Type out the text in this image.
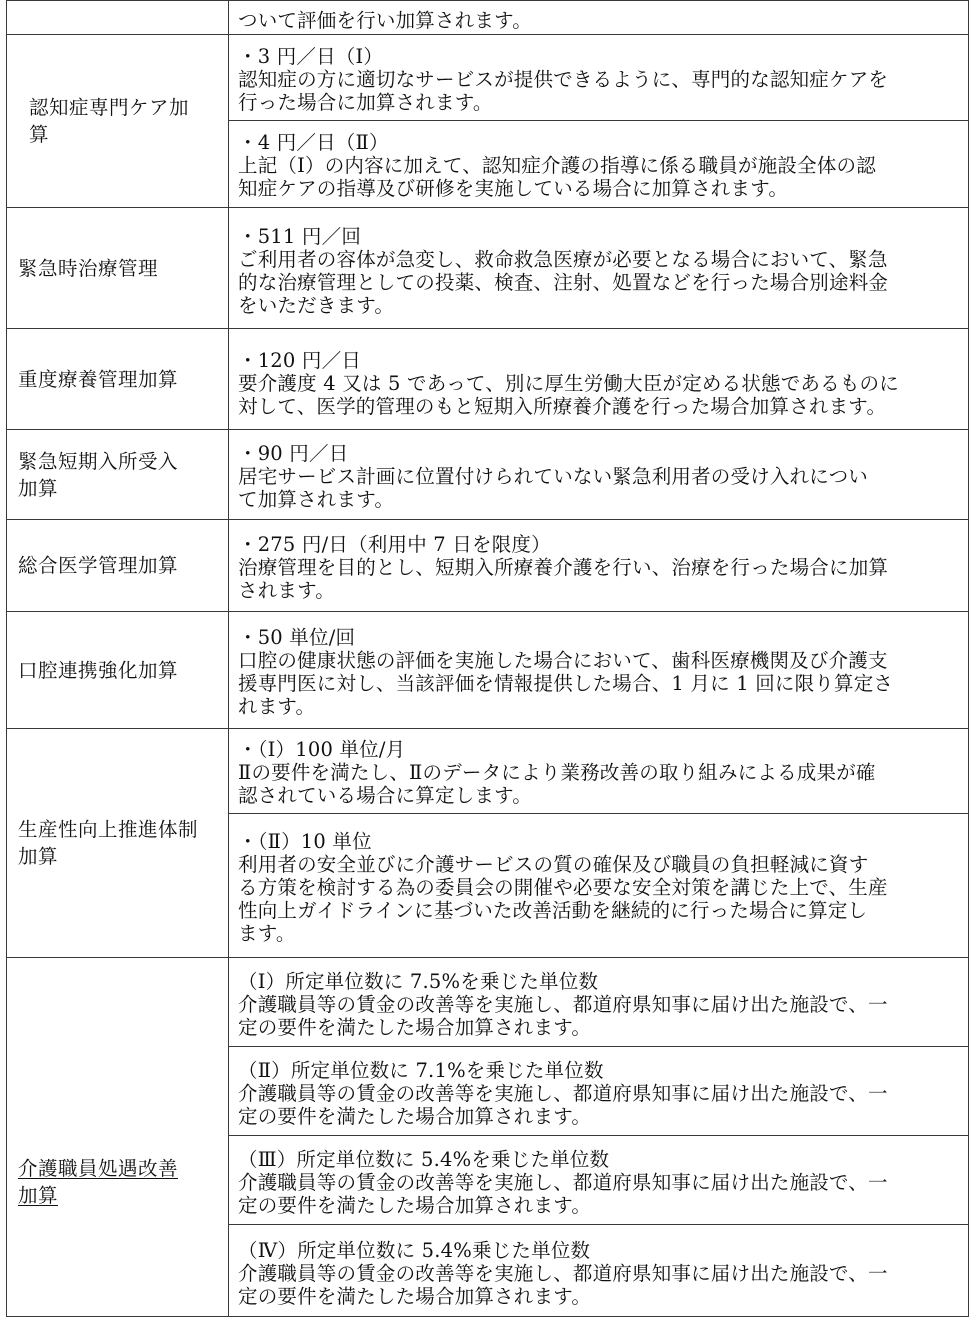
	ついて評価を行い加算されます。

認知症専門ケア加
算	・3 円／日（Ⅰ）
認知症の方に適切なサービスが提供できるように、専門的な認知症ケアを
行った場合に加算されます。

	・4 円／日（Ⅱ）
上記（Ⅰ）の内容に加えて、認知症介護の指導に係る職員が施設全体の認
知症ケアの指導及び研修を実施している場合に加算されます。

緊急時治療管理	・511 円／回
ご利用者の容体が急変し、救命救急医療が必要となる場合において、緊急
的な治療管理としての投薬、検査、注射、処置などを行った場合別途料金
をいただきます。

重度療養管理加算	・120 円／日
要介護度 4 又は 5 であって、別に厚生労働大臣が定める状態であるものに
対して、医学的管理のもと短期入所療養介護を行った場合加算されます。

緊急短期入所受入
加算	・90 円／日
居宅サービス計画に位置付けられていない緊急利用者の受け入れについ
て加算されます。

総合医学管理加算	・275 円/日（利用中 7 日を限度）
治療管理を目的とし、短期入所療養介護を行い、治療を行った場合に加算
されます。

口腔連携強化加算	・50 単位/回
口腔の健康状態の評価を実施した場合において、歯科医療機関及び介護支
援専門医に対し、当該評価を情報提供した場合、1 月に 1 回に限り算定さ
れます。

生産性向上推進体制
加算	・（Ⅰ）100 単位/月
Ⅱの要件を満たし、Ⅱのデータにより業務改善の取り組みによる成果が確
認されている場合に算定します。

	・（Ⅱ）10 単位
利用者の安全並びに介護サービスの質の確保及び職員の負担軽減に資す
る方策を検討する為の委員会の開催や必要な安全対策を講じた上で、生産
性向上ガイドラインに基づいた改善活動を継続的に行った場合に算定し
ます。

介護職員処遇改善
加算	（Ⅰ）所定単位数に 7.5%を乗じた単位数
介護職員等の賃金の改善等を実施し、都道府県知事に届け出た施設で、一
定の要件を満たした場合加算されます。

	（Ⅱ）所定単位数に 7.1%を乗じた単位数
介護職員等の賃金の改善等を実施し、都道府県知事に届け出た施設で、一
定の要件を満たした場合加算されます。

	（Ⅲ）所定単位数に 5.4%を乗じた単位数
介護職員等の賃金の改善等を実施し、都道府県知事に届け出た施設で、一
定の要件を満たした場合加算されます。

	（Ⅳ）所定単位数に 5.4%乗じた単位数
介護職員等の賃金の改善等を実施し、都道府県知事に届け出た施設で、一
定の要件を満たした場合加算されます。
